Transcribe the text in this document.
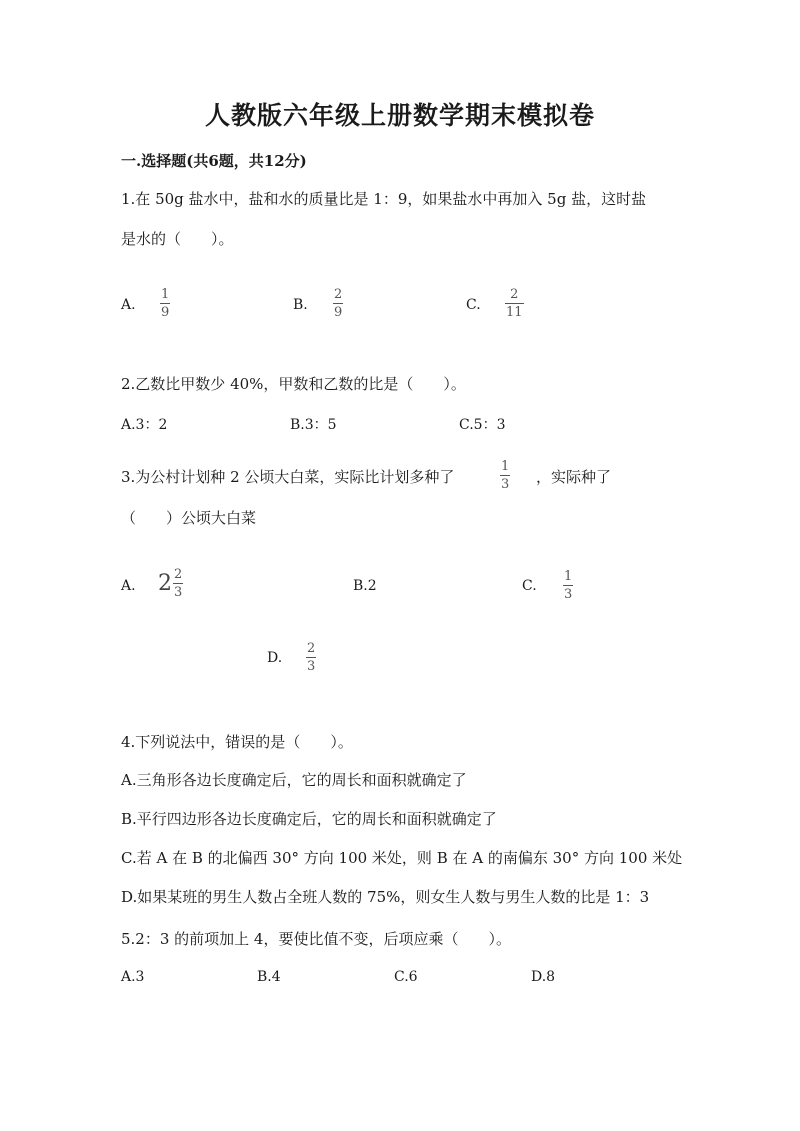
人教版六年级上册数学期末模拟卷
一.选择题(共6题，共12分)
1.在 50g 盐水中，盐和水的质量比是 1：9，如果盐水中再加入 5g 盐，这时盐
是水的（　　）。
A.
1
9	B.
2
9	C.
2
11
2.乙数比甲数少 40%，甲数和乙数的比是（　　）。
A.3：2	B.3：5	C.5：3
3.为公村计划种 2 公顷大白菜，实际比计划多种了
1
3 ，实际种了
（　　）公顷大白菜
A. $2 \frac{2}{3}$	B.2	C.
1
3
D.
2
3
4.下列说法中，错误的是（　　）。
A.三角形各边长度确定后，它的周长和面积就确定了
B.平行四边形各边长度确定后，它的周长和面积就确定了
C.若 A 在 B 的北偏西 30° 方向 100 米处，则 B 在 A 的南偏东 30° 方向 100 米处
D.如果某班的男生人数占全班人数的 75%，则女生人数与男生人数的比是 1：3
5.2：3 的前项加上 4，要使比值不变，后项应乘（　　）。
A.3	B.4	C.6	D.8
